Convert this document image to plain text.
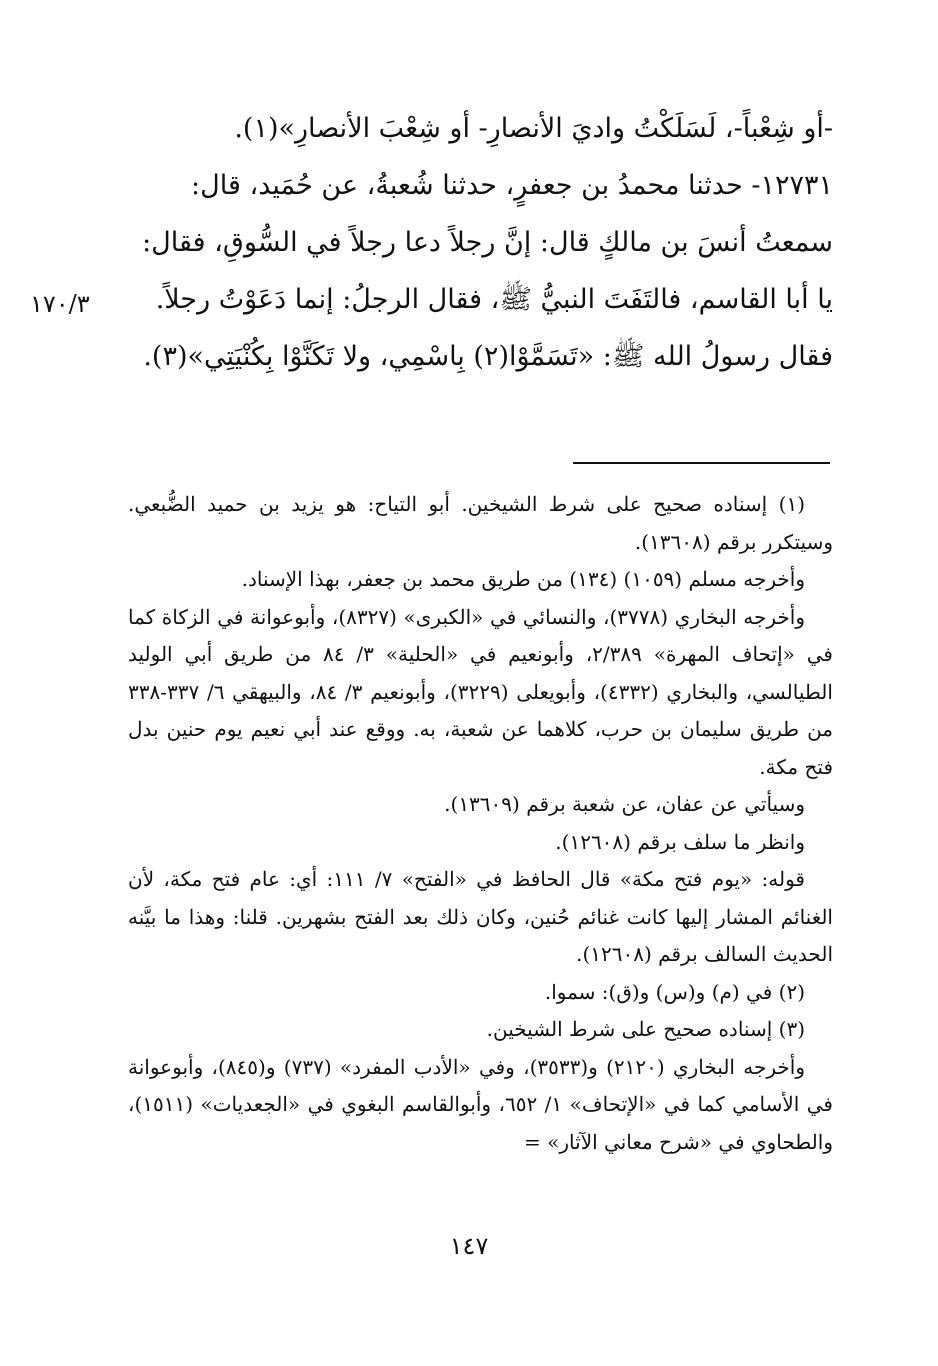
-أو شِعْباً-، لَسَلَكْتُ واديَ الأنصارِ- أو شِعْبَ الأنصارِ»(١).

١٢٧٣١- حدثنا محمدُ بن جعفرٍ، حدثنا شُعبةُ، عن حُمَيد، قال:

سمعتُ أنسَ بن مالكٍ قال: إنَّ رجلاً دعا رجلاً في السُّوقِ، فقال: يا أبا القاسم، فالتَفَتَ النبيُّ ﷺ، فقال الرجلُ: إنما دَعَوْتُ رجلاً. فقال رسولُ الله ﷺ: «تَسَمَّوْا(٢) بِاسْمِي، ولا تَكَنَّوْا بِكُنْيَتِي»(٣).

١٧٠/٣

(١) إسناده صحيح على شرط الشيخين. أبو التياح: هو يزيد بن حميد الضُّبعي. وسيتكرر برقم (١٣٦٠٨).

وأخرجه مسلم (١٠٥٩) (١٣٤) من طريق محمد بن جعفر، بهذا الإسناد.

وأخرجه البخاري (٣٧٧٨)، والنسائي في «الكبرى» (٨٣٢٧)، وأبوعوانة في الزكاة كما في «إتحاف المهرة» ٢/٣٨٩، وأبونعيم في «الحلية» ٣/ ٨٤ من طريق أبي الوليد الطيالسي، والبخاري (٤٣٣٢)، وأبويعلى (٣٢٢٩)، وأبونعيم ٣/ ٨٤، والبيهقي ٦/ ٣٣٧-٣٣٨ من طريق سليمان بن حرب، كلاهما عن شعبة، به. ووقع عند أبي نعيم يوم حنين بدل فتح مكة.

وسيأتي عن عفان، عن شعبة برقم (١٣٦٠٩).

وانظر ما سلف برقم (١٢٦٠٨).

قوله: «يوم فتح مكة» قال الحافظ في «الفتح» ٧/ ١١١: أي: عام فتح مكة، لأن الغنائم المشار إليها كانت غنائم حُنين، وكان ذلك بعد الفتح بشهرين. قلنا: وهذا ما بيَّنه الحديث السالف برقم (١٢٦٠٨).

(٢) في (م) و(س) و(ق): سموا.

(٣) إسناده صحيح على شرط الشيخين.

وأخرجه البخاري (٢١٢٠) و(٣٥٣٣)، وفي «الأدب المفرد» (٧٣٧) و(٨٤٥)، وأبوعوانة في الأسامي كما في «الإتحاف» ١/ ٦٥٢، وأبوالقاسم البغوي في «الجعديات» (١٥١١)، والطحاوي في «شرح معاني الآثار» =

١٤٧
